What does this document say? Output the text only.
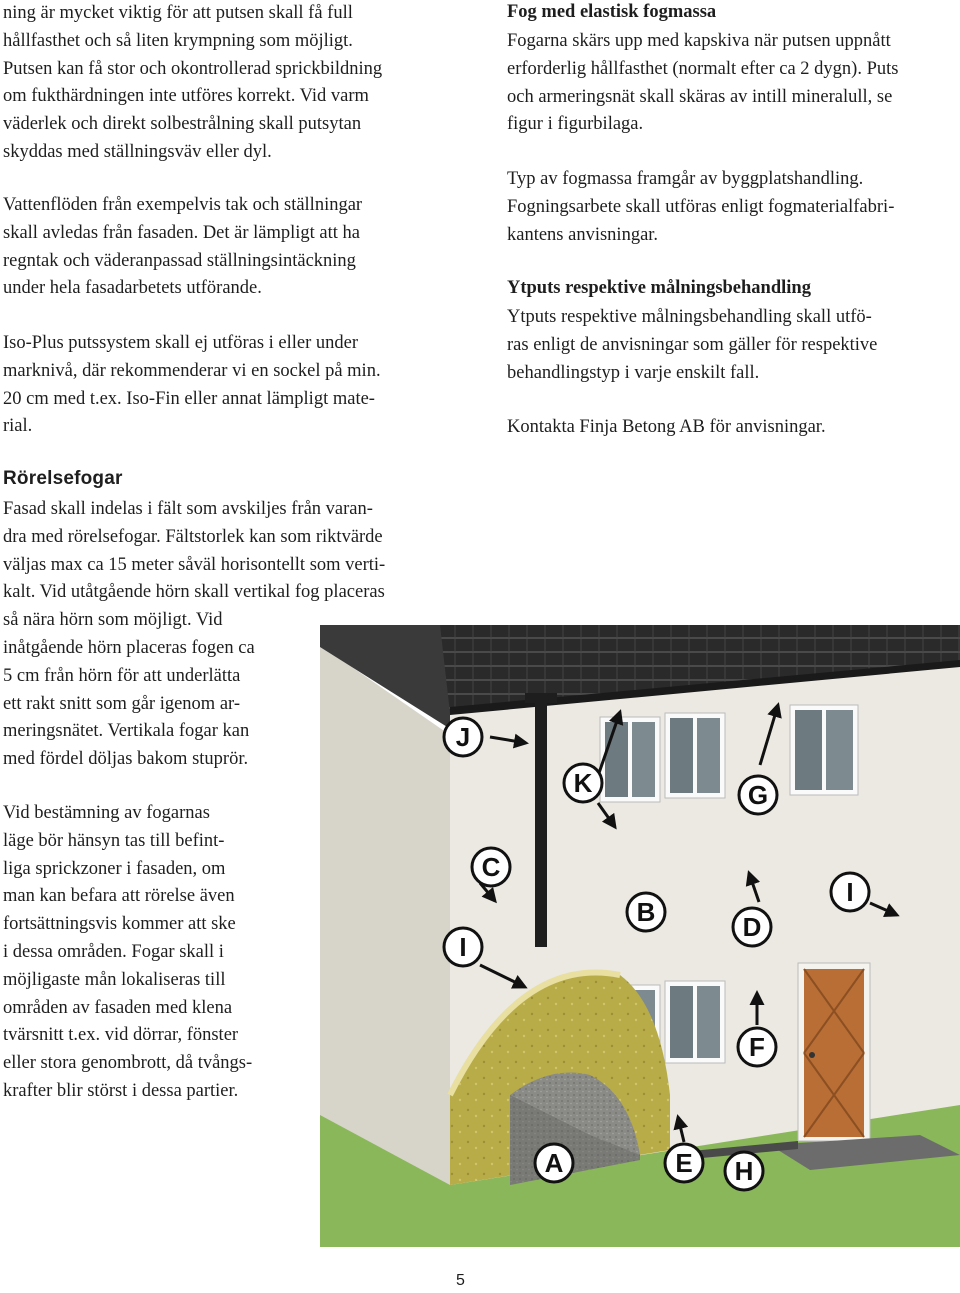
ning är mycket viktig för att putsen skall få full
hållfasthet och så liten krympning som möjligt.
Putsen kan få stor och okontrollerad sprickbildning
om fukthärdningen inte utföres korrekt. Vid varm
väderlek och direkt solbestrålning skall putsytan
skyddas med ställningsväv eller dyl.
Vattenflöden från exempelvis tak och ställningar
skall avledas från fasaden. Det är lämpligt att ha
regntak och väderanpassad ställningsintäckning
under hela fasadarbetets utförande.
Iso-Plus putssystem skall ej utföras i eller under
marknivå, där rekommenderar vi en sockel på min.
20 cm med t.ex. Iso-Fin eller annat lämpligt mate-
rial.
Rörelsefogar
Fasad skall indelas i fält som avskiljes från varan-
dra med rörelsefogar. Fältstorlek kan som riktvärde
väljas max ca 15 meter såväl horisontellt som verti-
kalt. Vid utåtgående hörn skall vertikal fog placeras
så nära hörn som möjligt. Vid
inåtgående hörn placeras fogen ca
5 cm från hörn för att underlätta
ett rakt snitt som går igenom ar-
meringsnätet. Vertikala fogar kan
med fördel döljas bakom stuprör.
Vid bestämning av fogarnas
läge bör hänsyn tas till befint-
liga sprickzoner i fasaden, om
man kan befara att rörelse även
fortsättningsvis kommer att ske
i dessa områden. Fogar skall i
möjligaste mån lokaliseras till
områden av fasaden med klena
tvärsnitt t.ex. vid dörrar, fönster
eller stora genombrott, då tvångs-
krafter blir störst i dessa partier.
Fog med elastisk fogmassa
Fogarna skärs upp med kapskiva när putsen uppnått
erforderlig hållfasthet (normalt efter ca 2 dygn). Puts
och armeringsnät skall skäras av intill mineralull, se
figur i figurbilaga.
Typ av fogmassa framgår av byggplatshandling.
Fogningsarbete skall utföras enligt fogmaterialfabri-
kantens anvisningar.
Ytputs respektive målningsbehandling
Ytputs respektive målningsbehandling skall utfö-
ras enligt de anvisningar som gäller för respektive
behandlingstyp i varje enskilt fall.
Kontakta Finja Betong AB för anvisningar.
J
K	G
C
B	D
I
I
F
A	E H
5
